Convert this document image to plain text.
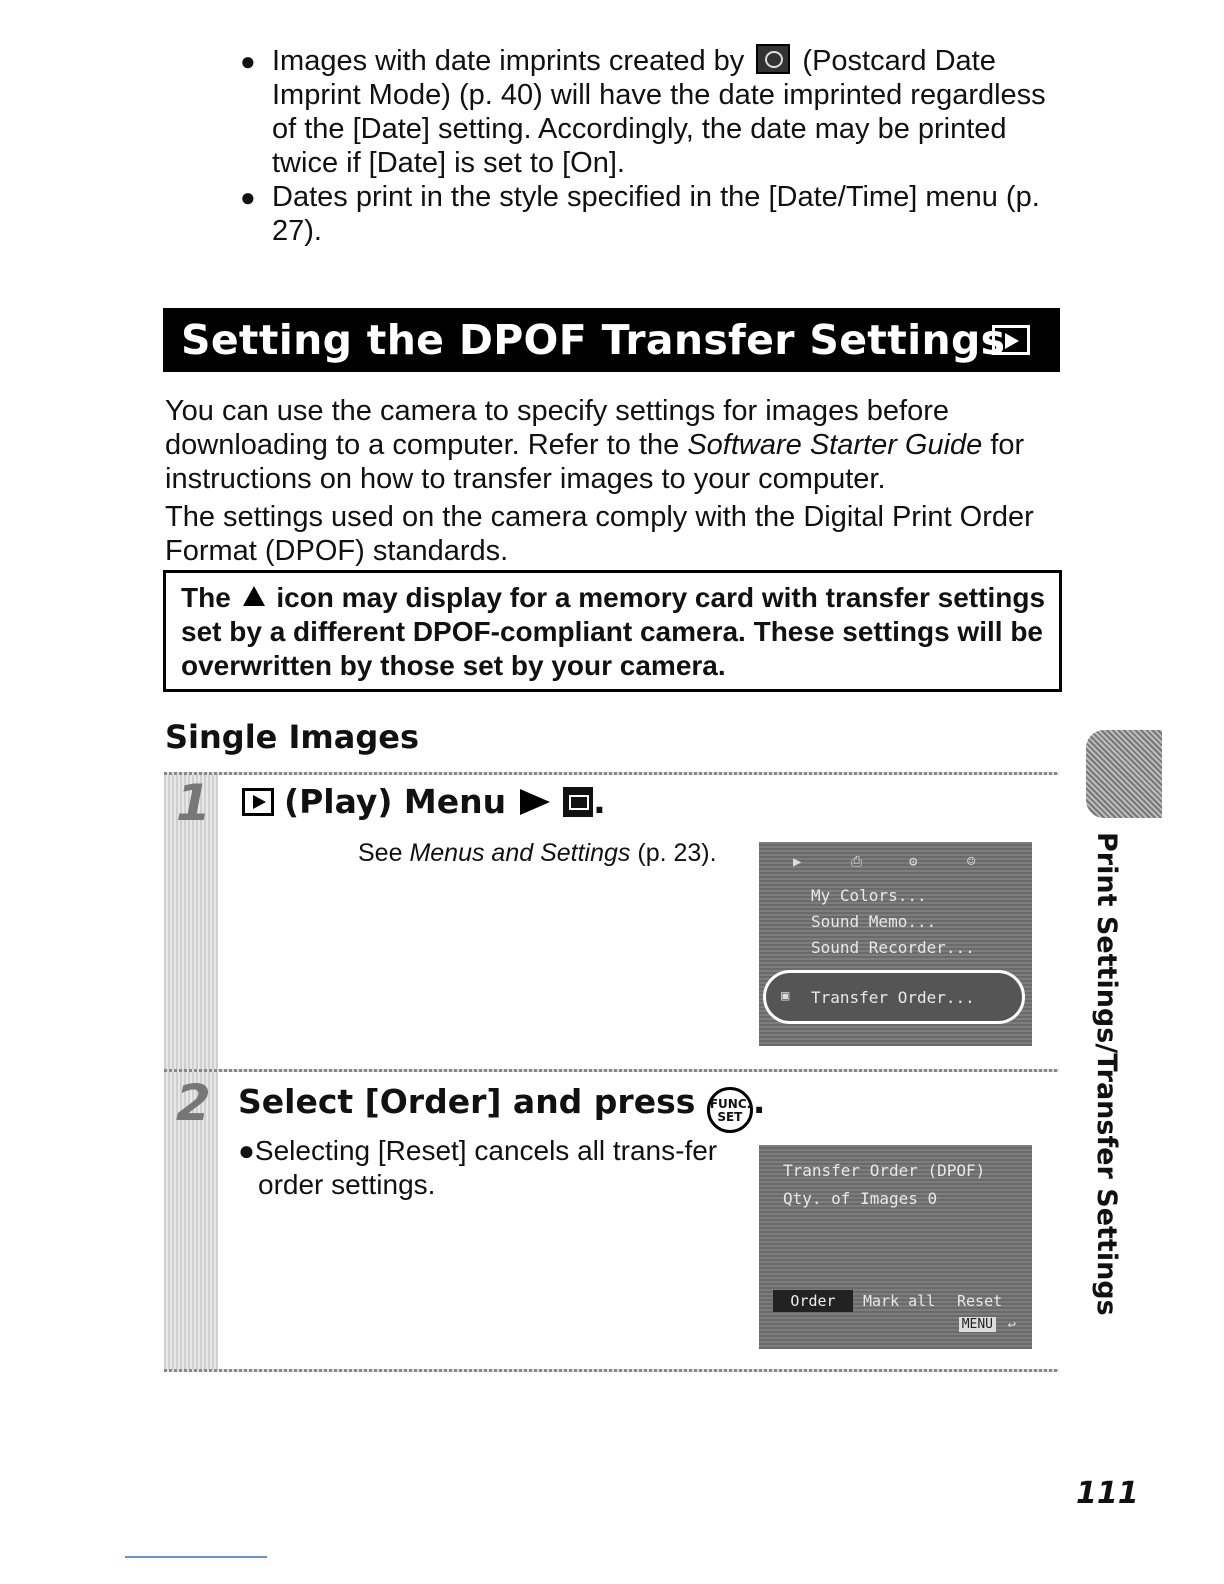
● Images with date imprints created by (Postcard Date Imprint Mode) (p. 40) will have the date imprinted regardless of the [Date] setting. Accordingly, the date may be printed twice if [Date] is set to [On].
● Dates print in the style specified in the [Date/Time] menu (p. 27).
Setting the DPOF Transfer Settings

You can use the camera to specify settings for images before downloading to a computer. Refer to the Software Starter Guide for instructions on how to transfer images to your computer.

The settings used on the camera comply with the Digital Print Order Format (DPOF) standards.

The icon may display for a memory card with transfer settings set by a different DPOF-compliant camera. These settings will be overwritten by those set by your camera.
Single Images
1	(Play) Menu	.
See Menus and Settings (p. 23).	▶	⎙	⚙	☺
My Colors...
Sound Memo...
Sound Recorder...
▣ Transfer Order...
2 Select [Order] and press FUNC. SET .
●Selecting [Reset] cancels all trans-fer order settings.	Transfer Order (DPOF)
Qty. of Images 0
Order	Mark all Reset
MENU ↩
Print Settings/Transfer Settings
111
